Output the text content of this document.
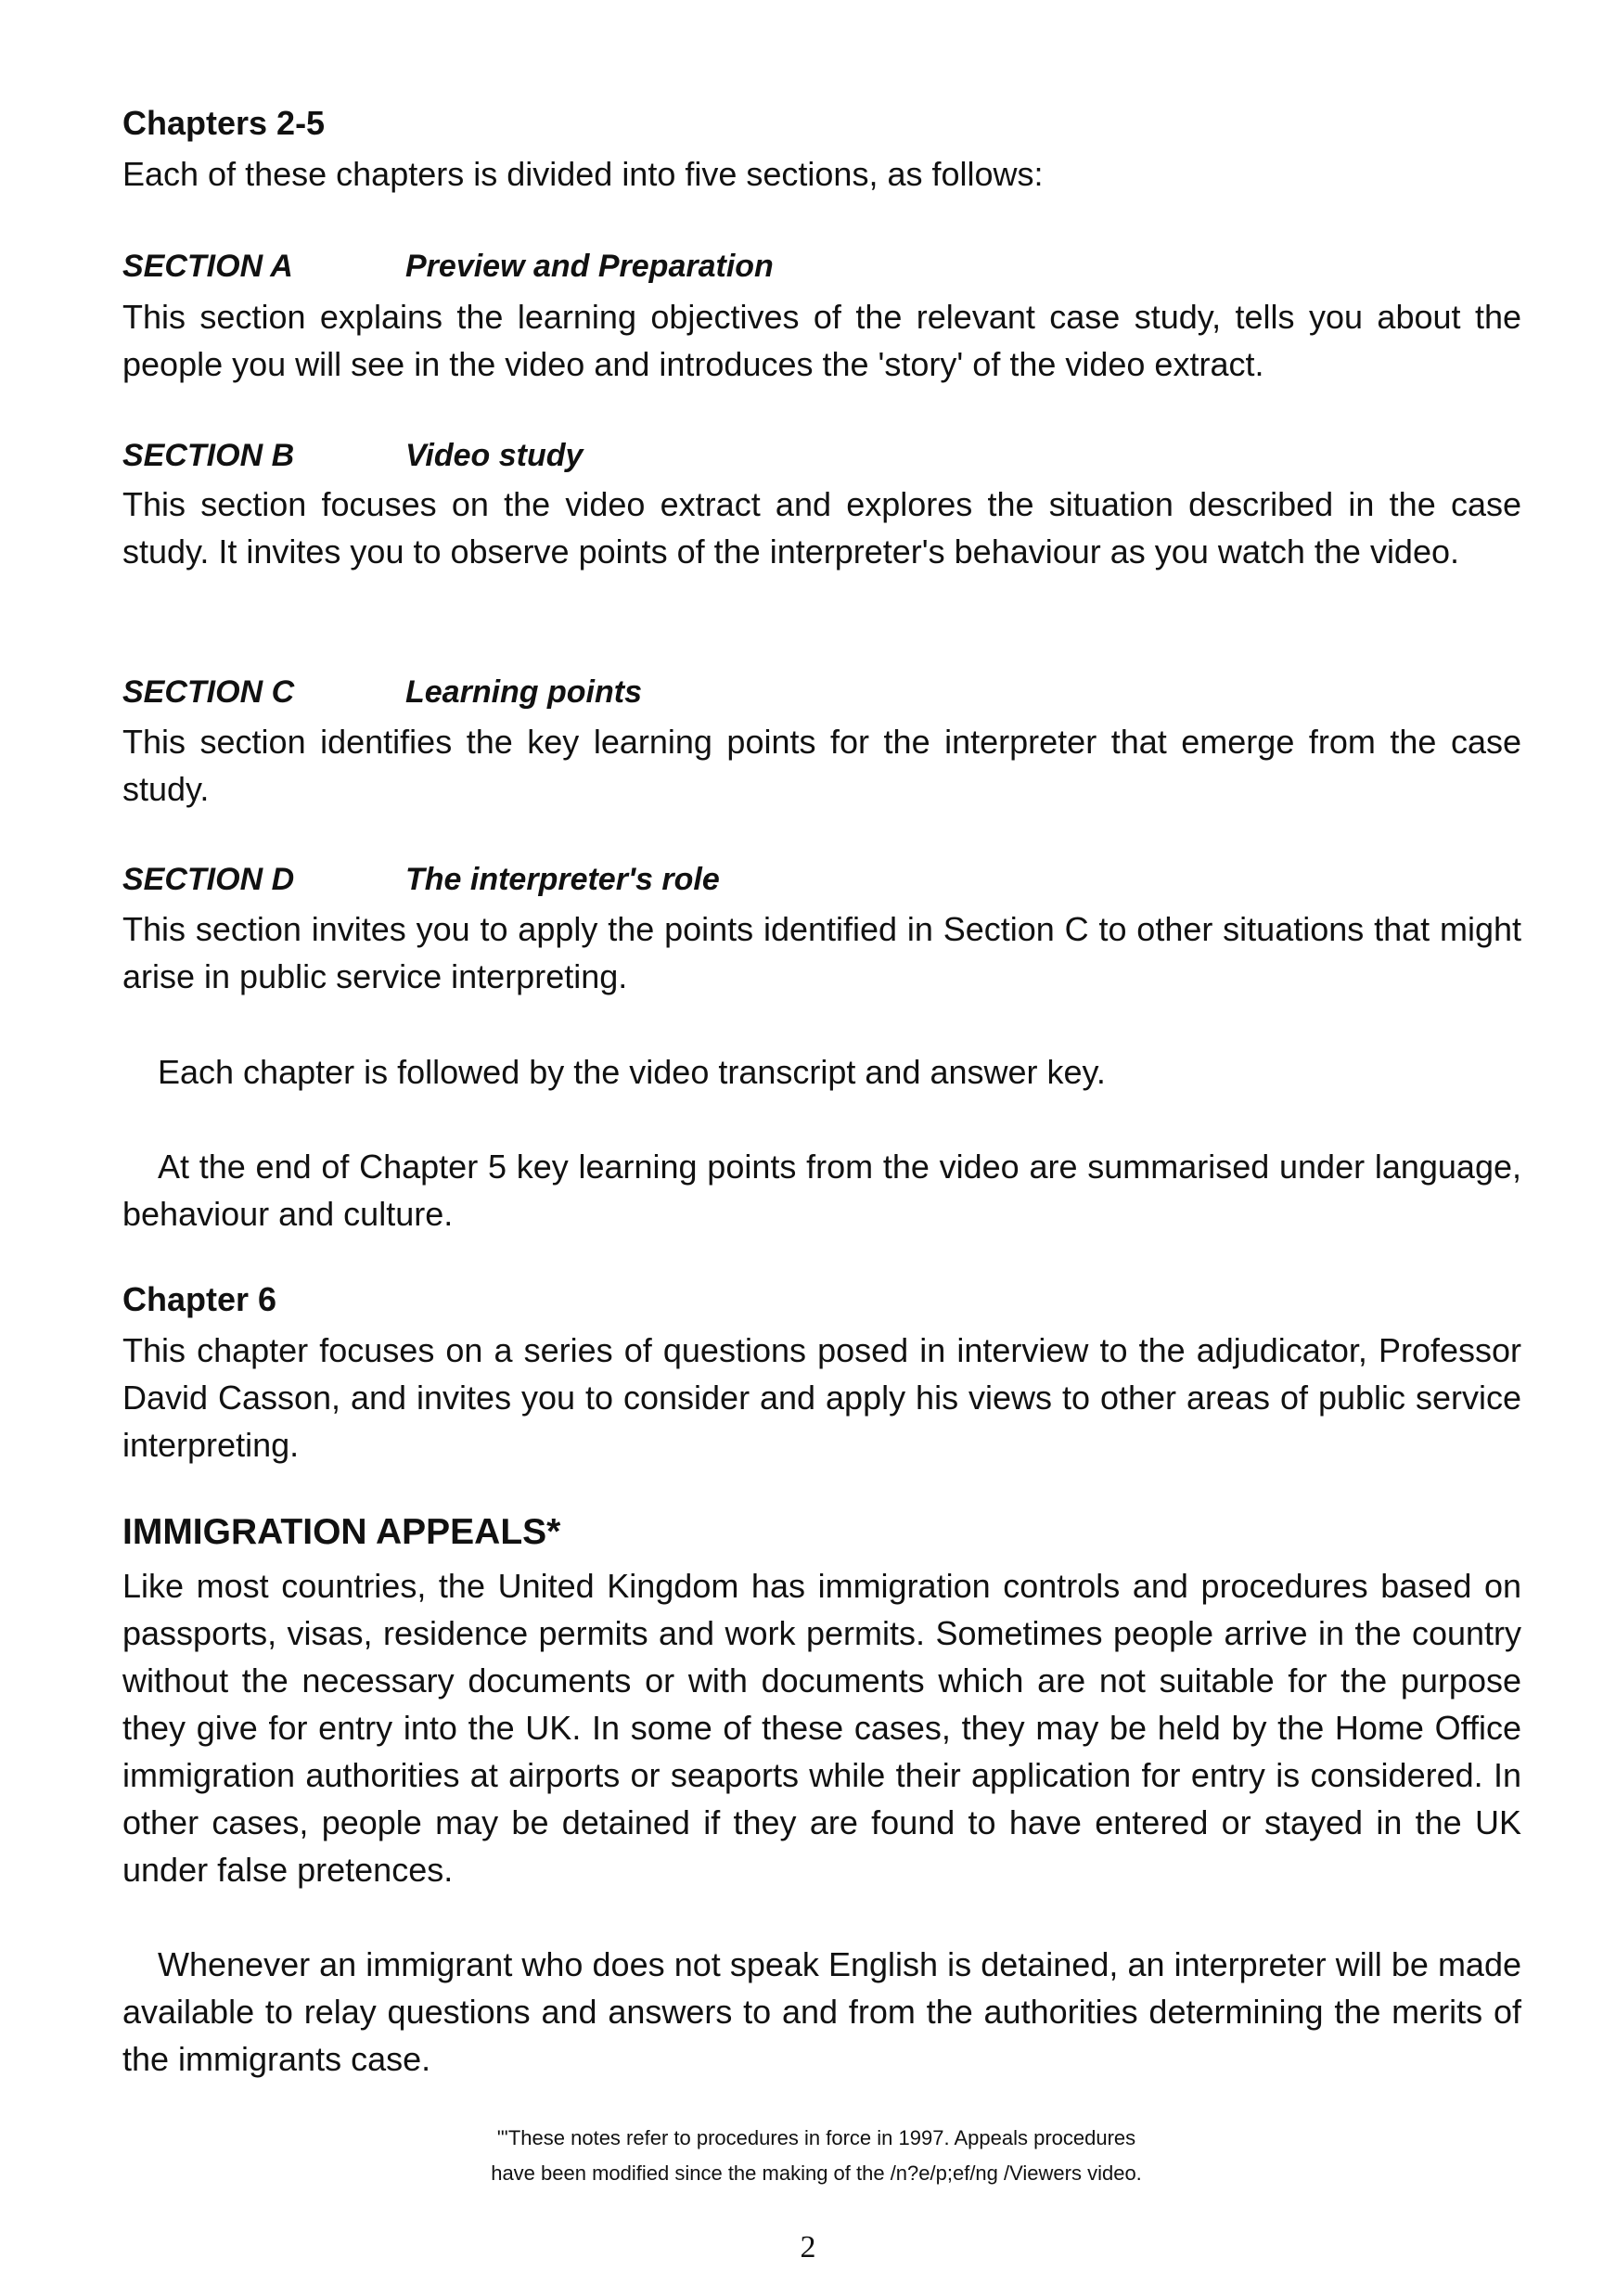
Chapters 2-5

Each of these chapters is divided into five sections, as follows:

SECTION A	Preview and Preparation

This section explains the learning objectives of the relevant case study, tells you about the people you will see in the video and introduces the 'story' of the video extract.

SECTION B	Video study

This section focuses on the video extract and explores the situation described in the case study. It invites you to observe points of the interpreter's behaviour as you watch the video.

SECTION C	Learning points

This section identifies the key learning points for the interpreter that emerge from the case study.

SECTION D	The interpreter's role

This section invites you to apply the points identified in Section C to other situations that might arise in public service interpreting.

Each chapter is followed by the video transcript and answer key.

At the end of Chapter 5 key learning points from the video are summarised under language, behaviour and culture.

Chapter 6

This chapter focuses on a series of questions posed in interview to the adjudicator, Professor David Casson, and invites you to consider and apply his views to other areas of public service interpreting.

IMMIGRATION APPEALS*

Like most countries, the United Kingdom has immigration controls and procedures based on passports, visas, residence permits and work permits. Sometimes people arrive in the country without the necessary documents or with documents which are not suitable for the purpose they give for entry into the UK. In some of these cases, they may be held by the Home Office immigration authorities at airports or seaports while their application for entry is considered. In other cases, people may be detained if they are found to have entered or stayed in the UK under false pretences.

Whenever an immigrant who does not speak English is detained, an interpreter will be made available to relay questions and answers to and from the authorities determining the merits of the immigrants case.

"'These notes refer to procedures in force in 1997. Appeals procedures
have been modified since the making of the /n?e/p;ef/ng /Viewers video.

2
